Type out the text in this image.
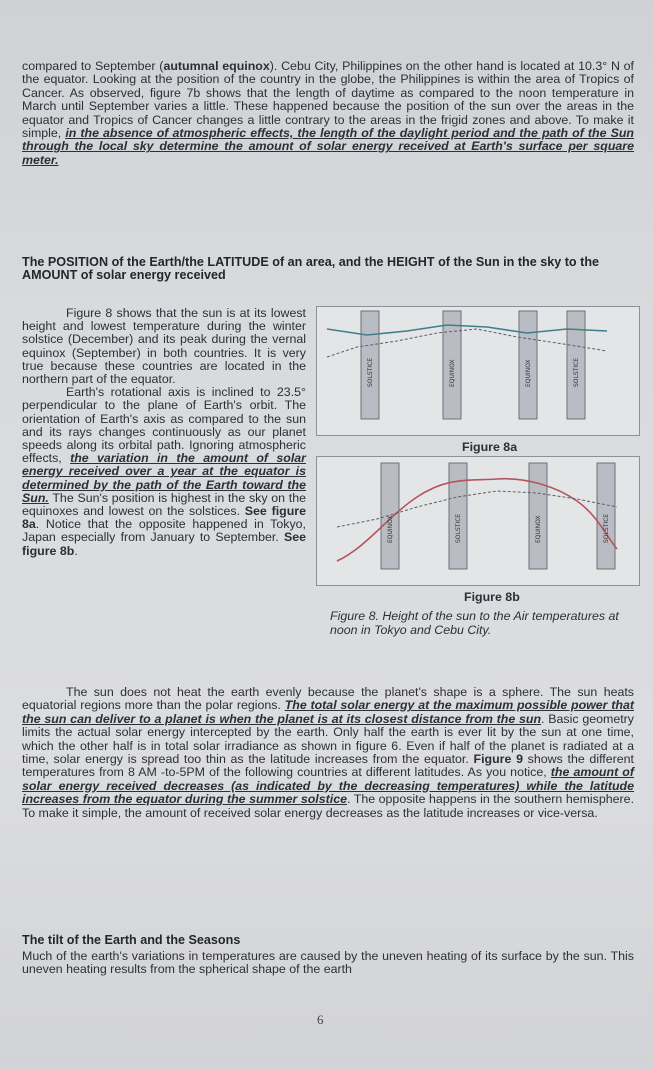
compared to September (autumnal equinox). Cebu City, Philippines on the other hand is located at 10.3° N of the equator. Looking at the position of the country in the globe, the Philippines is within the area of Tropics of Cancer. As observed, figure 7b shows that the length of daytime as compared to the noon temperature in March until September varies a little. These happened because the position of the sun over the areas in the equator and Tropics of Cancer changes a little contrary to the areas in the frigid zones and above. To make it simple, in the absence of atmospheric effects, the length of the daylight period and the path of the Sun through the local sky determine the amount of solar energy received at Earth's surface per square meter.

The POSITION of the Earth/the LATITUDE of an area, and the HEIGHT of the Sun in the sky to the AMOUNT of solar energy received

Figure 8 shows that the sun is at its lowest height and lowest temperature during the winter solstice (December) and its peak during the vernal equinox (September) in both countries. It is very true because these countries are located in the northern part of the equator.

Earth's rotational axis is inclined to 23.5° perpendicular to the plane of Earth's orbit. The orientation of Earth's axis as compared to the sun and its rays changes continuously as our planet speeds along its orbital path. Ignoring atmospheric effects, the variation in the amount of solar energy received over a year at the equator is determined by the path of the Earth toward the Sun. The Sun's position is highest in the sky on the equinoxes and lowest on the solstices. See figure 8a. Notice that the opposite happened in Tokyo, Japan especially from January to September. See figure 8b.

SOLSTICE	EQUINOX	EQUINOX	SOLSTICE
Figure 8a
EQUINOX	SOLSTICE	EQUINOX	SOLSTICE
Figure 8b
Figure 8. Height of the sun to the Air temperatures at noon in Tokyo and Cebu City.

The sun does not heat the earth evenly because the planet's shape is a sphere. The sun heats equatorial regions more than the polar regions. The total solar energy at the maximum possible power that the sun can deliver to a planet is when the planet is at its closest distance from the sun. Basic geometry limits the actual solar energy intercepted by the earth. Only half the earth is ever lit by the sun at one time, which the other half is in total solar irradiance as shown in figure 6. Even if half of the planet is radiated at a time, solar energy is spread too thin as the latitude increases from the equator. Figure 9 shows the different temperatures from 8 AM -to-5PM of the following countries at different latitudes. As you notice, the amount of solar energy received decreases (as indicated by the decreasing temperatures) while the latitude increases from the equator during the summer solstice. The opposite happens in the southern hemisphere. To make it simple, the amount of received solar energy decreases as the latitude increases or vice-versa.

The tilt of the Earth and the Seasons

Much of the earth's variations in temperatures are caused by the uneven heating of its surface by the sun. This uneven heating results from the spherical shape of the earth

6
